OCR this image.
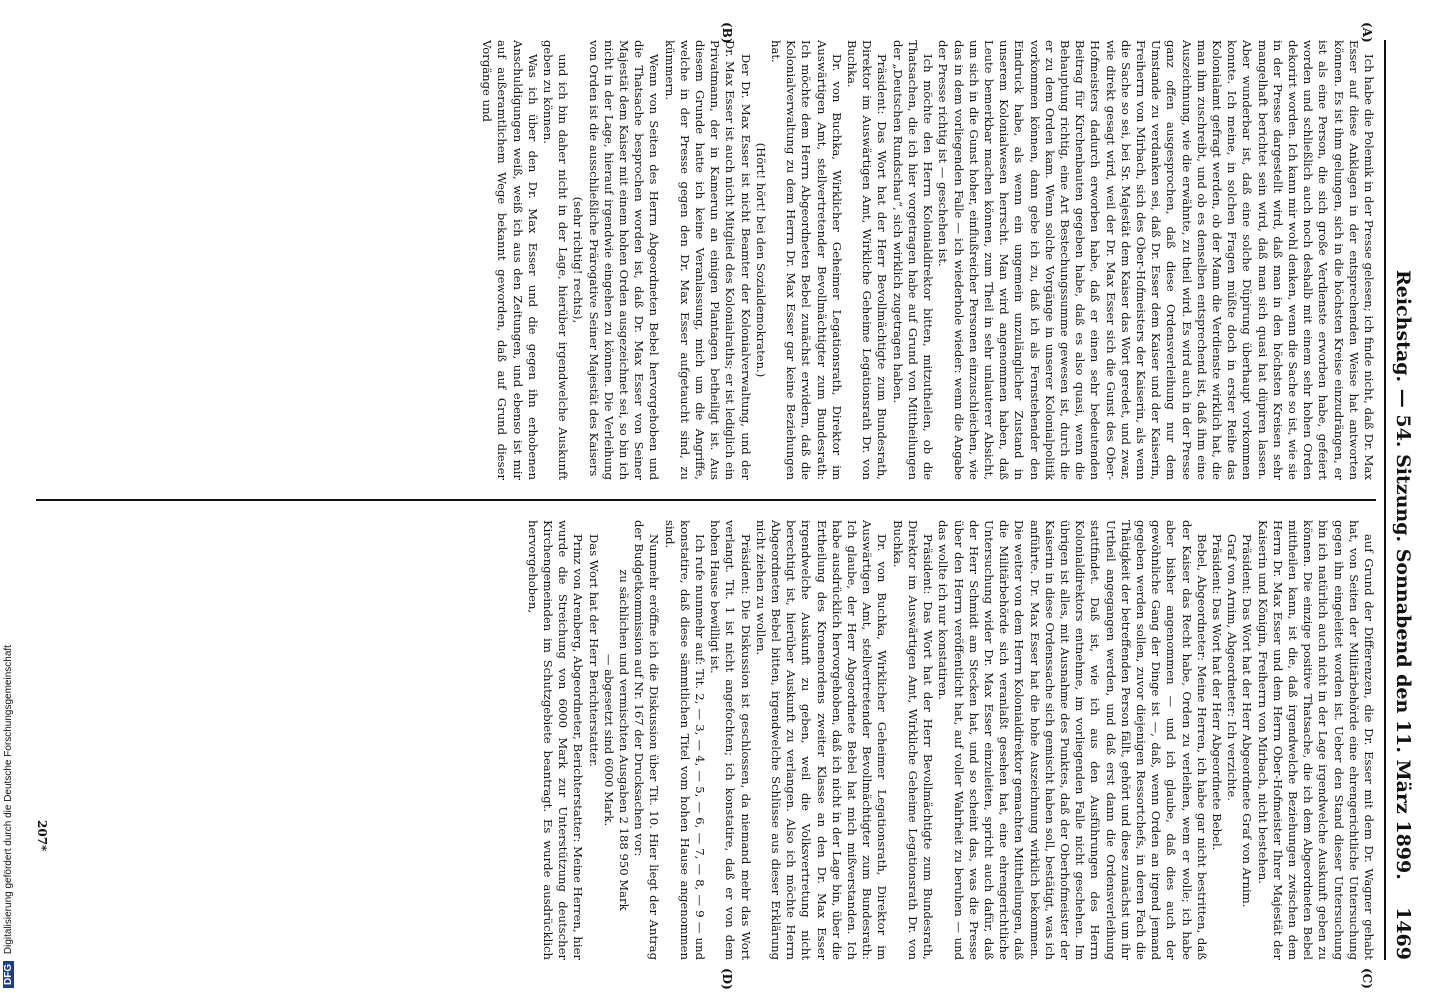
Reichstag. — 54. Sitzung. Sonnabend den 11. März 1899.
1469
(A)
(B)
(C)
(D)

Ich habe die Polemik in der Presse gelesen; ich finde nicht, daß Dr. Max Esser auf diese Anklagen in der entsprechenden Weise hat antworten können. Es ist ihm gelungen, sich in die höchsten Kreise einzudrängen, er ist als eine Person, die sich große Verdienste erworben habe, gefeiert worden und schließlich auch noch deshalb mit einem sehr hohen Orden dekorirt worden. Ich kann mir wohl denken, wenn die Sache so ist, wie sie in der Presse dargestellt wird, daß man in den höchsten Kreisen sehr mangelhaft berichtet sein wird, daß man sich quasi hat düpiren lassen. Aber wunderbar ist, daß eine solche Düpirung überhaupt vorkommen konnte. Ich meine, in solchen Fragen müßte doch in erster Reihe das Kolonialamt gefragt werden, ob der Mann die Verdienste wirklich hat, die man ihm zuschreibt, und ob es denselben entsprechend ist, daß ihm eine Auszeichnung, wie die erwähnte, zu theil wird. Es wird auch in der Presse ganz offen ausgesprochen, daß diese Ordensverleihung nur dem Umstande zu verdanken sei, daß Dr. Esser dem Kaiser und der Kaiserin, Freiherrn von Mirbach, sich des Ober-Hofmeisters der Kaiserin, als wenn die Sache so sei, bei Sr. Majestät dem Kaiser das Wort geredet, und zwar, wie direkt gesagt wird, weil der Dr. Max Esser sich die Gunst des Ober-Hofmeisters dadurch erworben habe, daß er einen sehr bedeutenden Beitrag für Kirchenbauten gegeben habe, daß es also quasi, wenn die Behauptung richtig, eine Art Bestechungssumme gewesen ist, durch die er zu dem Orden kam. Wenn solche Vorgänge in unserer Kolonialpolitik vorkommen können, dann gebe ich zu, daß ich als Fernstehender den Eindruck habe, als wenn ein ungemein unzulänglicher Zustand in unserem Kolonialwesen herrscht. Man wird angenommen haben, daß Leute bemerkbar machen können, zum Theil in sehr unlauterer Absicht, um sich in die Gunst hoher, einflußreicher Personen einzuschleichen, wie das in dem vorliegenden Falle — ich wiederhole wieder: wenn die Angabe der Presse richtig ist — geschehen ist.

Ich möchte den Herrn Kolonialdirektor bitten, mitzutheilen, ob die Thatsachen, die ich hier vorgetragen habe auf Grund von Mittheilungen der „Deutschen Rundschau“, sich wirklich zugetragen haben.

Präsident: Das Wort hat der Herr Bevollmächtigte zum Bundesrath, Direktor im Auswärtigen Amt, Wirkliche Geheime Legationsrath Dr. von Buchka.

Dr. von Buchka, Wirklicher Geheimer Legationsrath, Direktor im Auswärtigen Amt, stellvertretender Bevollmächtigter zum Bundesrath: Ich möchte dem Herrn Abgeordneten Bebel zunächst erwidern, daß die Kolonialverwaltung zu dem Herrn Dr. Max Esser gar keine Beziehungen hat.

(Hört! hört! bei den Sozialdemokraten.)

Der Dr. Max Esser ist nicht Beamter der Kolonialverwaltung, und der Dr. Max Esser ist auch nicht Mitglied des Kolonialraths; er ist lediglich ein Privatmann, der in Kamerun an einigen Plantagen betheiligt ist. Aus diesem Grunde hatte ich keine Veranlassung, mich um die Angriffe, welche in der Presse gegen den Dr. Max Esser aufgetaucht sind, zu kümmern.

Wenn von Seiten des Herrn Abgeordneten Bebel hervorgehoben und die Thatsache besprochen worden ist, daß Dr. Max Esser von Seiner Majestät dem Kaiser mit einem hohen Orden ausgezeichnet sei, so bin ich nicht in der Lage, hierauf irgendwie eingehen zu können. Die Verleihung von Orden ist die ausschließliche Prärogative Seiner Majestät des Kaisers

(sehr richtig! rechts),

und ich bin daher nicht in der Lage, hierüber irgendwelche Auskunft geben zu können.

Was ich über den Dr. Max Esser und die gegen ihn erhobenen Anschuldigungen weiß, weiß ich aus den Zeitungen, und ebenso ist mir auf außeramtlichem Wege bekannt geworden, daß auf Grund dieser Vorgänge und

auf Grund der Differenzen, die Dr. Esser mit dem Dr. Wagner gehabt hat, von Seiten der Militärbehörde eine ehrengerichtliche Untersuchung gegen ihn eingeleitet worden ist. Ueber den Stand dieser Untersuchung bin ich natürlich auch nicht in der Lage irgendwelche Auskunft geben zu können. Die einzige positive Thatsache, die ich dem Abgeordneten Bebel mittheilen kann, ist die, daß irgendwelche Beziehungen zwischen dem Herrn Dr. Max Esser und dem Herrn Ober-Hofmeister Ihrer Majestät der Kaiserin und Königin, Freiherrn von Mirbach, nicht bestehen.

Präsident: Das Wort hat der Herr Abgeordnete Graf von Arnim.

Graf von Arnim, Abgeordneter: Ich verzichte.

Präsident: Das Wort hat der Herr Abgeordnete Bebel.

Bebel, Abgeordneter: Meine Herren, ich habe gar nicht bestritten, daß der Kaiser das Recht habe, Orden zu verleihen, wem er wolle; ich habe aber bisher angenommen — und ich glaube, daß dies auch der gewöhnliche Gang der Dinge ist —, daß, wenn Orden an irgend jemand gegeben werden sollen, zuvor diejenigen Ressortchefs, in deren Fach die Thätigkeit der betreffenden Person fällt, gehört und diese zunächst um ihr Urtheil angegangen werden, und daß erst dann die Ordensverleihung stattfindet. Daß ist, wie ich aus den Ausführungen des Herrn Kolonialdirektors entnehme, im vorliegenden Falle nicht geschehen. Im übrigen ist alles, mit Ausnahme des Punktes, daß der Oberhofmeister der Kaiserin in diese Ordenssache sich gemischt haben soll, bestätigt, was ich anführte. Dr. Max Esser hat die hohe Auszeichnung wirklich bekommen. Die weiter von dem Herrn Kolonialdirektor gemachten Mittheilungen, daß die Militärbehörde sich veranlaßt gesehen hat, eine ehrengerichtliche Untersuchung wider Dr. Max Esser einzuleiten, spricht auch dafür, daß der Herr Schmidt am Stecken hat, und so scheint das, was die Presse über den Herrn veröffentlicht hat, auf voller Wahrheit zu beruhen — und das wollte ich nur konstatiren.

Präsident: Das Wort hat der Herr Bevollmächtigte zum Bundesrath, Direktor im Auswärtigen Amt, Wirkliche Geheime Legationsrath Dr. von Buchka.

Dr. von Buchka, Wirklicher Geheimer Legationsrath, Direktor im Auswärtigen Amt, stellvertretender Bevollmächtigter zum Bundesrath: Ich glaube, der Herr Abgeordnete Bebel hat mich mißverstanden. Ich habe ausdrücklich hervorgehoben, daß ich nicht in der Lage bin, über die Ertheilung des Kronenordens zweiter Klasse an den Dr. Max Esser irgendwelche Auskunft zu geben, weil die Volksvertretung nicht berechtigt ist, hierüber Auskunft zu verlangen. Also ich möchte Herrn Abgeordneten Bebel bitten, irgendwelche Schlüsse aus dieser Erklärung nicht ziehen zu wollen.

Präsident: Die Diskussion ist geschlossen, da niemand mehr das Wort verlangt. Tit. 1 ist nicht angefochten; ich konstatire, daß er von dem hohen Hause bewilligt ist.

Ich rufe nunmehr auf: Tit. 2, — 3, — 4, — 5, — 6, — 7, — 8, — 9 — und konstatire, daß diese sämmtlichen Titel vom hohen Hause angenommen sind.

Nunmehr eröffne ich die Diskussion über Tit. 10. Hier liegt der Antrag der Budgetkommission auf Nr. 167 der Drucksachen vor:

zu sächlichen und vermischten Ausgaben 2 188 950 Mark

— abgesetzt sind 6000 Mark.

Das Wort hat der Herr Berichterstatter.

Prinz von Arenberg, Abgeordneter, Berichterstatter: Meine Herren, hier wurde die Streichung von 6000 Mark zur Unterstützung deutscher Kirchengemeinden im Schutzgebiete beantragt. Es wurde ausdrücklich hervorgehoben,

207*
DFG Digitalisierung gefördert durch die Deutsche Forschungsgemeinschaft
